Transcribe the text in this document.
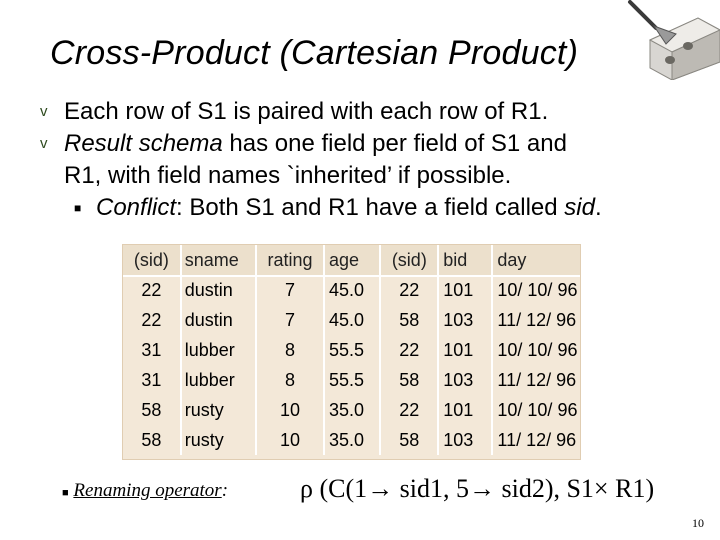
Cross-Product (Cartesian Product)
v Each row of S1 is paired with each row of R1.
v Result schema has one field per field of S1 and
R1, with field names `inherited’ if possible.
■ Conflict: Both S1 and R1 have a field called sid.
(sid)	sname	rating	age	(sid)	bid	day
22	dustin	7	45.0	22	101	10/ 10/ 96
22	dustin	7	45.0	58	103	11/ 12/ 96
31	lubber	8	55.5	22	101	10/ 10/ 96
31	lubber	8	55.5	58	103	11/ 12/ 96
58	rusty	10	35.0	22	101	10/ 10/ 96
58	rusty	10	35.0	58	103	11/ 12/ 96
■ Renaming operator:	ρ (C(1→ sid1, 5→ sid2), S1× R1)
10
